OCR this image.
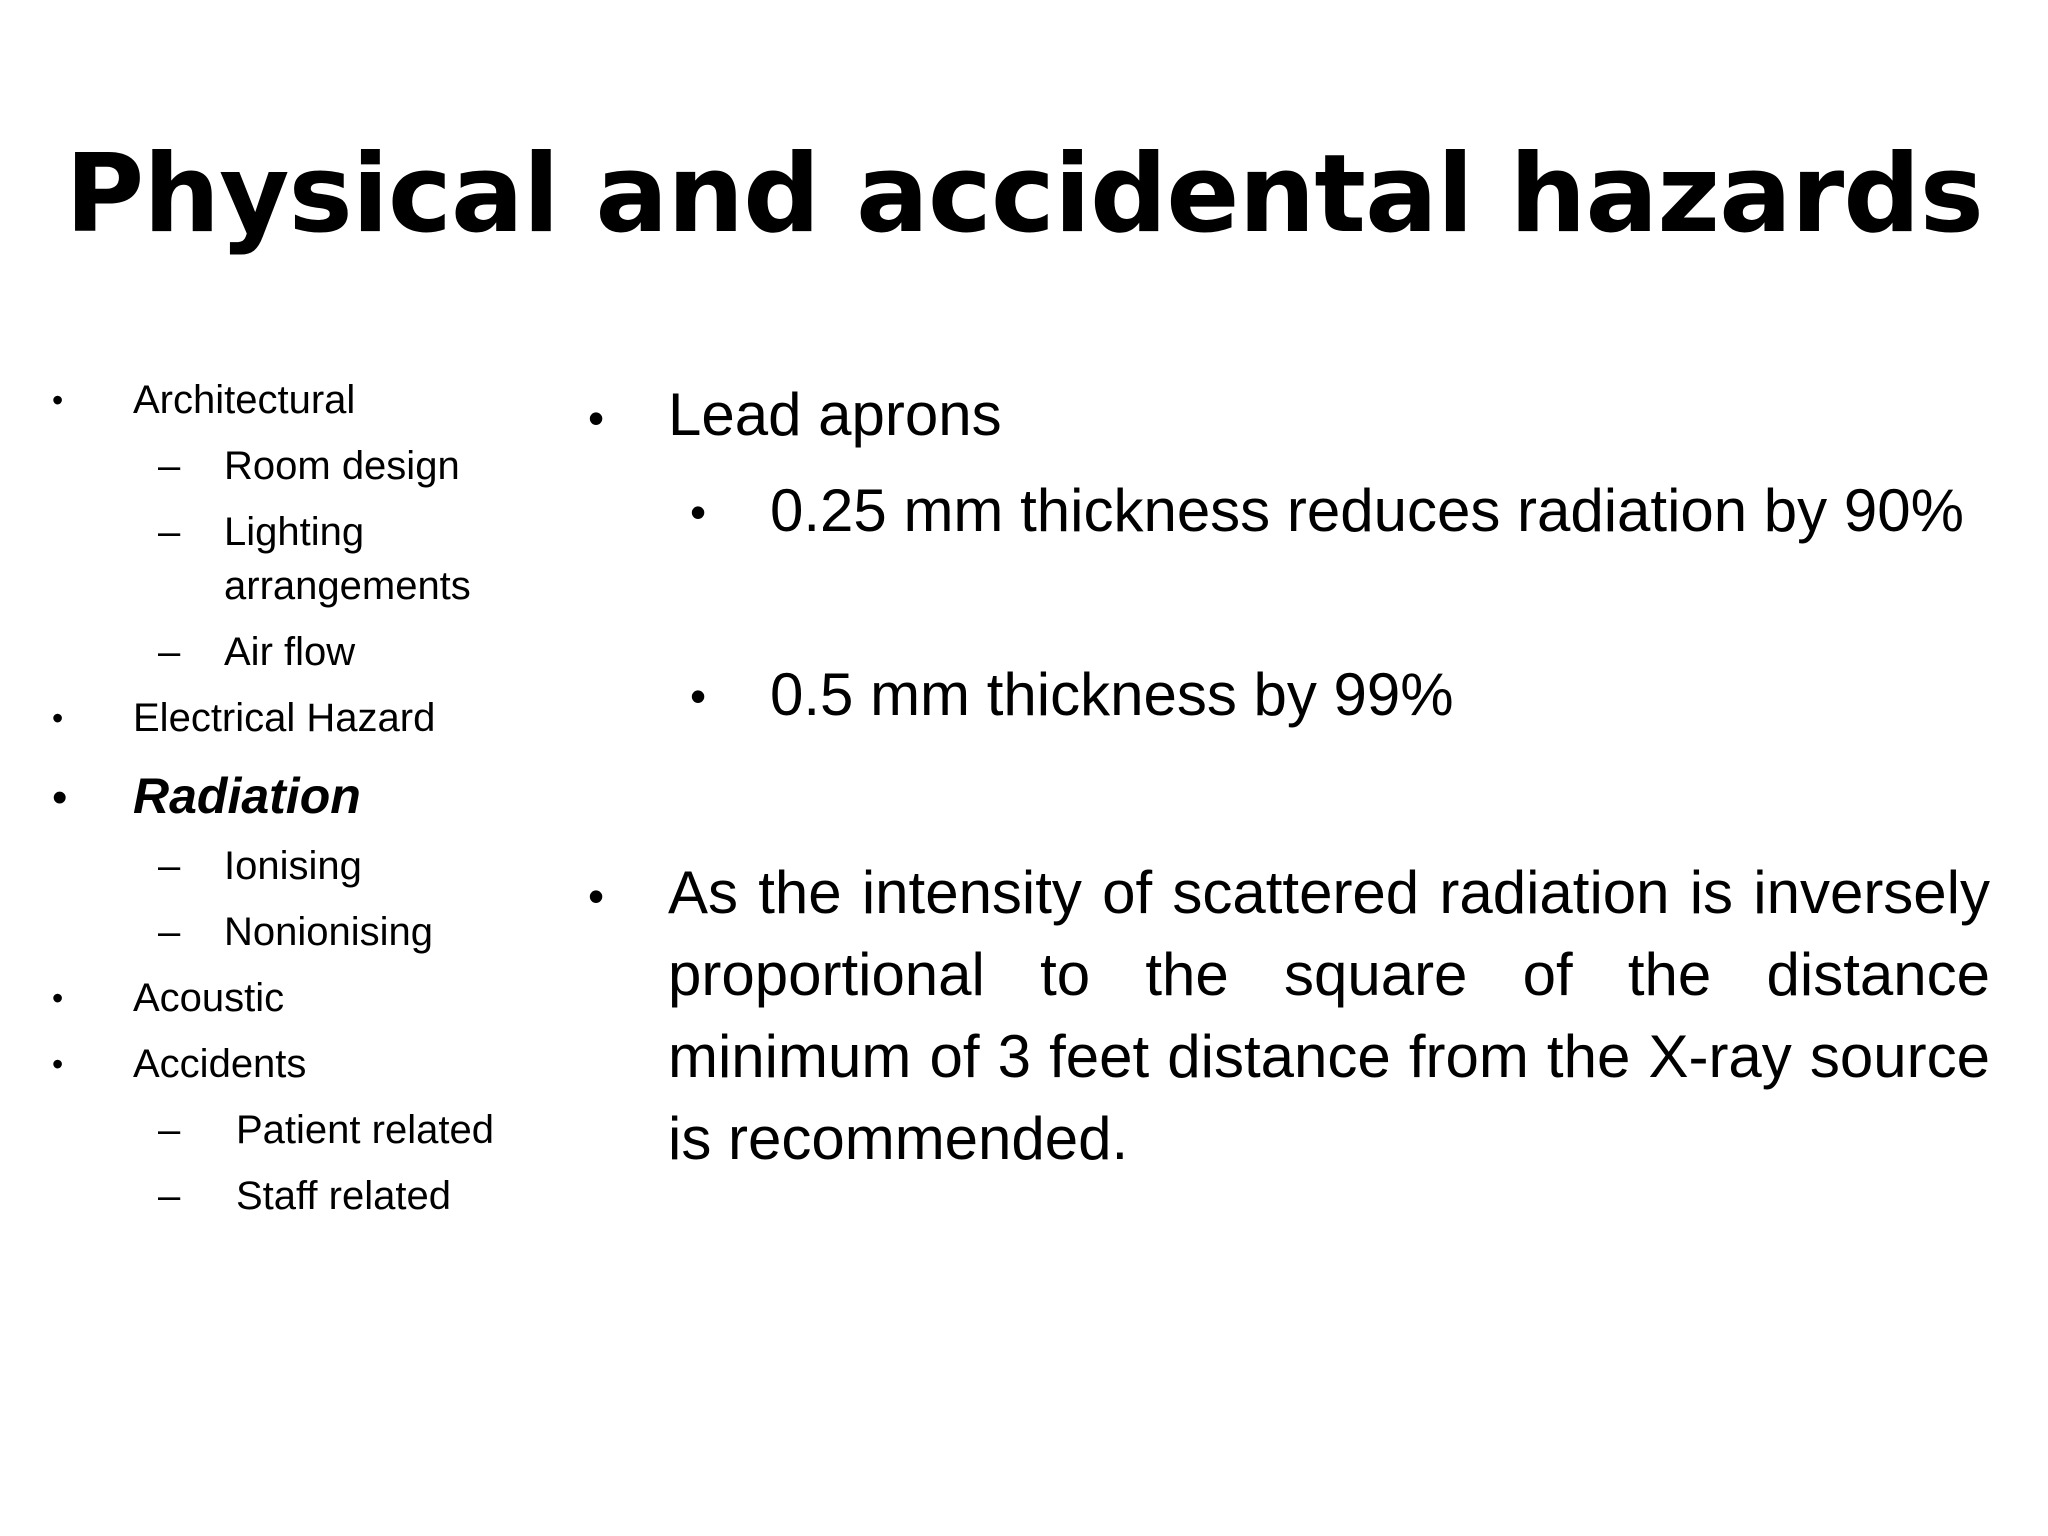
Physical and accidental hazards
• Architectural
– Room design
– Lighting
arrangements
– Air flow
• Electrical Hazard
• Radiation
– Ionising
– Nonionising
• Acoustic
• Accidents
– Patient related
– Staff related
• Lead aprons
• 0.25 mm thickness reduces radiation by 90%
• 0.5 mm thickness by 99%
• As the intensity of scattered radiation is inversely proportional to the square of the distance minimum of 3 feet distance from the X-ray source is recommended.
